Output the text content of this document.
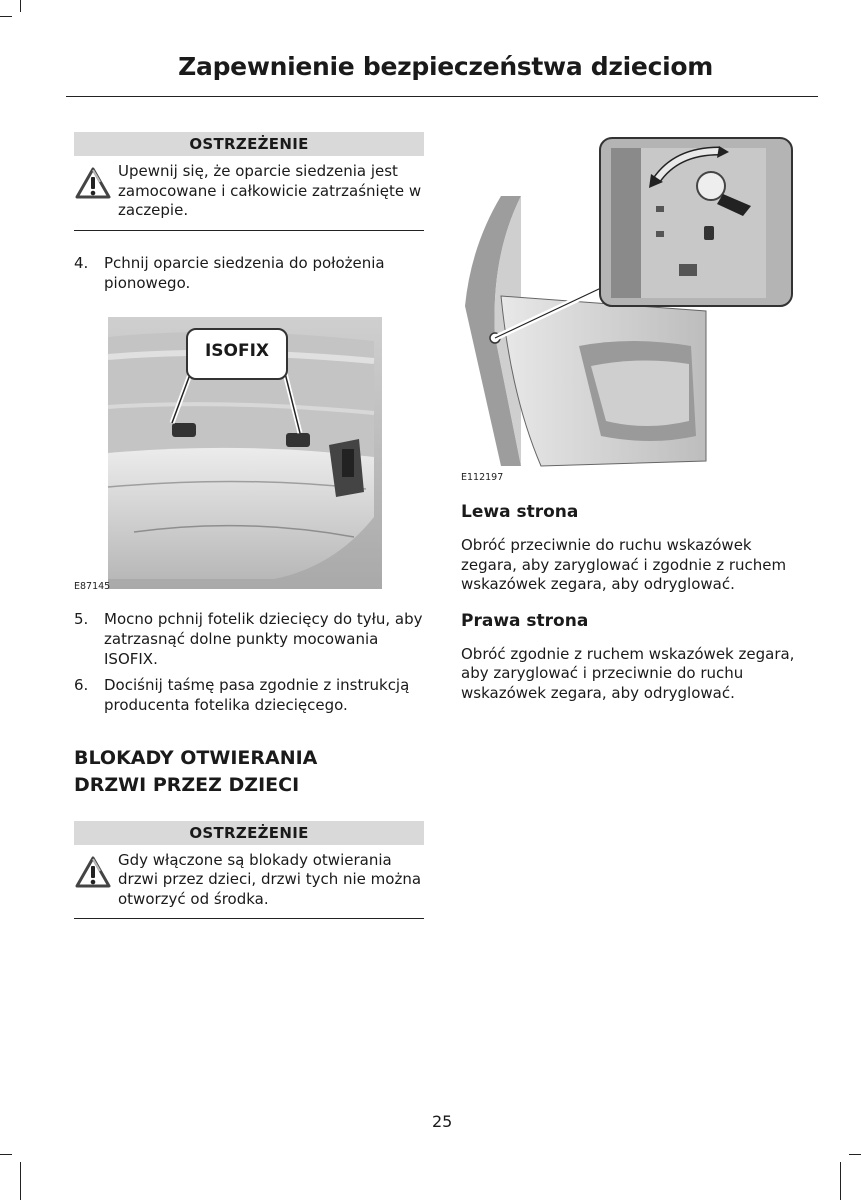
Zapewnienie bezpieczeństwa dzieciom
OSTRZEŻENIE

Upewnij się, że oparcie siedzenia jest zamocowane i całkowicie zatrzaśnięte w zaczepie.

4.	Pchnij oparcie siedzenia do położenia pionowego.
ISOFIX
E87145
5.	Mocno pchnij fotelik dziecięcy do tyłu, aby zatrzasnąć dolne punkty mocowania ISOFIX.
6.	Dociśnij taśmę pasa zgodnie z instrukcją producenta fotelika dziecięcego.
BLOKADY OTWIERANIA DRZWI PRZEZ DZIECI
OSTRZEŻENIE

Gdy włączone są blokady otwierania drzwi przez dzieci, drzwi tych nie można otworzyć od środka.

E112197
Lewa strona

Obróć przeciwnie do ruchu wskazówek zegara, aby zaryglować i zgodnie z ruchem wskazówek zegara, aby odryglować.

Prawa strona

Obróć zgodnie z ruchem wskazówek zegara, aby zaryglować i przeciwnie do ruchu wskazówek zegara, aby odryglować.

25
